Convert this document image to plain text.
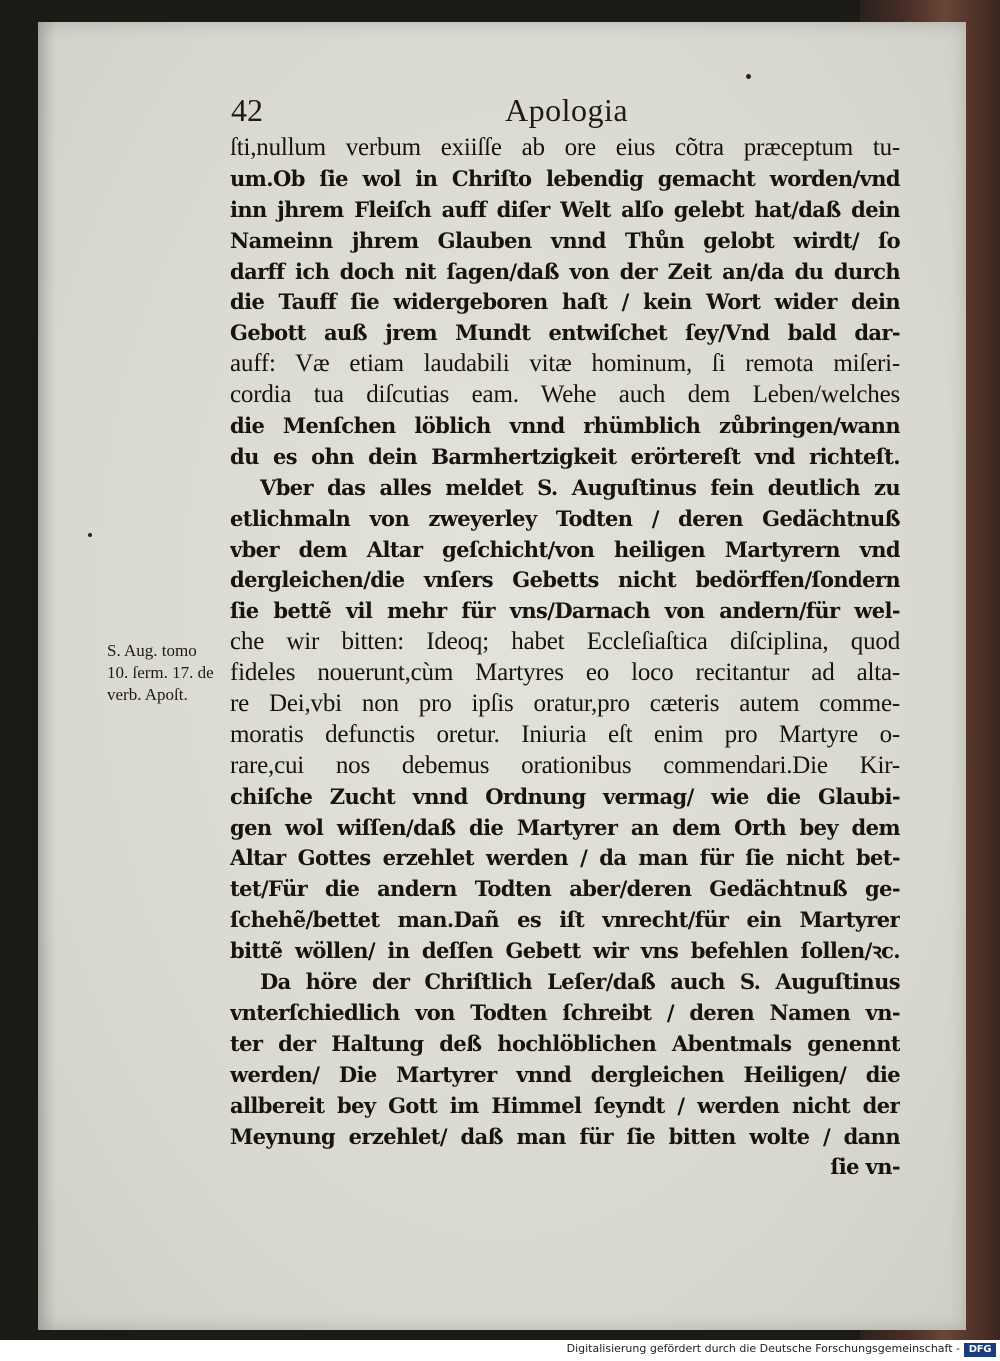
42	Apologia
ſti,nullum verbum exiiſſe ab ore eius cõtra præceptum tu-
um.Ob ſie wol in Chriſto lebendig gemacht worden/vnd
inn jhrem Fleiſch auff diſer Welt alſo gelebt hat/daß dein
Nameinn jhrem Glauben vnnd Thůn gelobt wirdt/ ſo
darff ich doch nit ſagen/daß von der Zeit an/da du durch
die Tauff ſie widergeboren haſt / kein Wort wider dein
Gebott auß jrem Mundt entwiſchet ſey/Vnd bald dar-
auff: Væ etiam laudabili vitæ hominum, ſi remota miſeri-
cordia tua diſcutias eam. Wehe auch dem Leben/welches
die Menſchen löblich vnnd rhümblich zůbringen/wann
du es ohn dein Barmhertzigkeit erörtereſt vnd richteſt.
Vber das alles meldet S. Auguſtinus fein deutlich zu
etlichmaln von zweyerley Todten / deren Gedächtnuß
vber dem Altar geſchicht/von heiligen Martyrern vnd
dergleichen/die vnſers Gebetts nicht bedörffen/ſondern
ſie bettẽ vil mehr für vns/Darnach von andern/für wel-
che wir bitten: Ideoq; habet Eccleſiaſtica diſciplina, quod
fideles nouerunt,cùm Martyres eo loco recitantur ad alta-
re Dei,vbi non pro ipſis oratur,pro cæteris autem comme-
moratis defunctis oretur. Iniuria eſt enim pro Martyre o-
rare,cui nos debemus orationibus commendari.Die Kir-
chiſche Zucht vnnd Ordnung vermag/ wie die Glaubi-
gen wol wiſſen/daß die Martyrer an dem Orth bey dem
Altar Gottes erzehlet werden / da man für ſie nicht bet-
tet/Für die andern Todten aber/deren Gedächtnuß ge-
ſchehẽ/bettet man.Dañ es iſt vnrecht/für ein Martyrer
bittẽ wöllen/ in deſſen Gebett wir vns befehlen ſollen/ꝛc.
Da höre der Chriſtlich Leſer/daß auch S. Auguſtinus
vnterſchiedlich von Todten ſchreibt / deren Namen vn-
ter der Haltung deß hochlöblichen Abentmals genennt
werden/ Die Martyrer vnnd dergleichen Heiligen/ die
allbereit bey Gott im Himmel ſeyndt / werden nicht der
Meynung erzehlet/ daß man für ſie bitten wolte / dann
ſie vn-
S. Aug. tomo
10. ſerm. 17. de
verb. Apoſt.
Digitalisierung gefördert durch die Deutsche Forschungsgemeinschaft - DFG
